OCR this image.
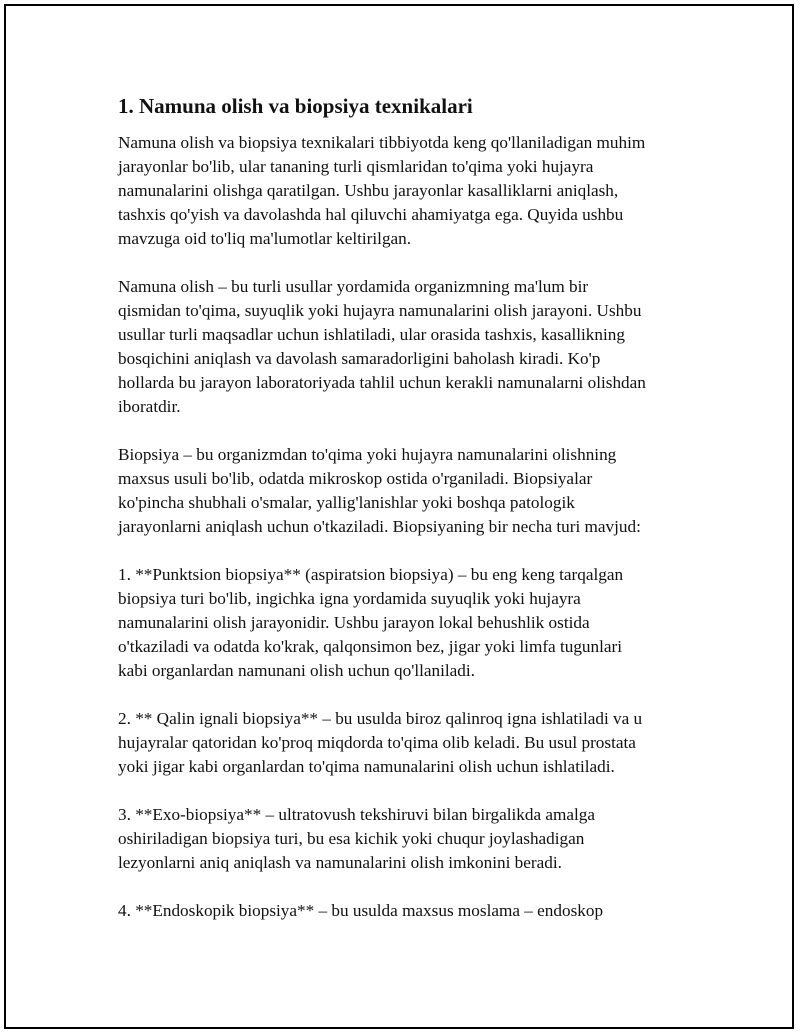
1. Namuna olish va biopsiya texnikalari

Namuna olish va biopsiya texnikalari tibbiyotda keng qo'llaniladigan muhim
jarayonlar bo'lib, ular tananing turli qismlaridan to'qima yoki hujayra
namunalarini olishga qaratilgan. Ushbu jarayonlar kasalliklarni aniqlash,
tashxis qo'yish va davolashda hal qiluvchi ahamiyatga ega. Quyida ushbu
mavzuga oid to'liq ma'lumotlar keltirilgan.

Namuna olish – bu turli usullar yordamida organizmning ma'lum bir
qismidan to'qima, suyuqlik yoki hujayra namunalarini olish jarayoni. Ushbu
usullar turli maqsadlar uchun ishlatiladi, ular orasida tashxis, kasallikning
bosqichini aniqlash va davolash samaradorligini baholash kiradi. Ko'p
hollarda bu jarayon laboratoriyada tahlil uchun kerakli namunalarni olishdan
iboratdir.

Biopsiya – bu organizmdan to'qima yoki hujayra namunalarini olishning
maxsus usuli bo'lib, odatda mikroskop ostida o'rganiladi. Biopsiyalar
ko'pincha shubhali o'smalar, yallig'lanishlar yoki boshqa patologik
jarayonlarni aniqlash uchun o'tkaziladi. Biopsiyaning bir necha turi mavjud:

1. **Punktsion biopsiya** (aspiratsion biopsiya) – bu eng keng tarqalgan
biopsiya turi bo'lib, ingichka igna yordamida suyuqlik yoki hujayra
namunalarini olish jarayonidir. Ushbu jarayon lokal behushlik ostida
o'tkaziladi va odatda ko'krak, qalqonsimon bez, jigar yoki limfa tugunlari
kabi organlardan namunani olish uchun qo'llaniladi.

2. ** Qalin ignali biopsiya** – bu usulda biroz qalinroq igna ishlatiladi va u
hujayralar qatoridan ko'proq miqdorda to'qima olib keladi. Bu usul prostata
yoki jigar kabi organlardan to'qima namunalarini olish uchun ishlatiladi.

3. **Exo-biopsiya** – ultratovush tekshiruvi bilan birgalikda amalga
oshiriladigan biopsiya turi, bu esa kichik yoki chuqur joylashadigan
lezyonlarni aniq aniqlash va namunalarini olish imkonini beradi.

4. **Endoskopik biopsiya** – bu usulda maxsus moslama – endoskop
